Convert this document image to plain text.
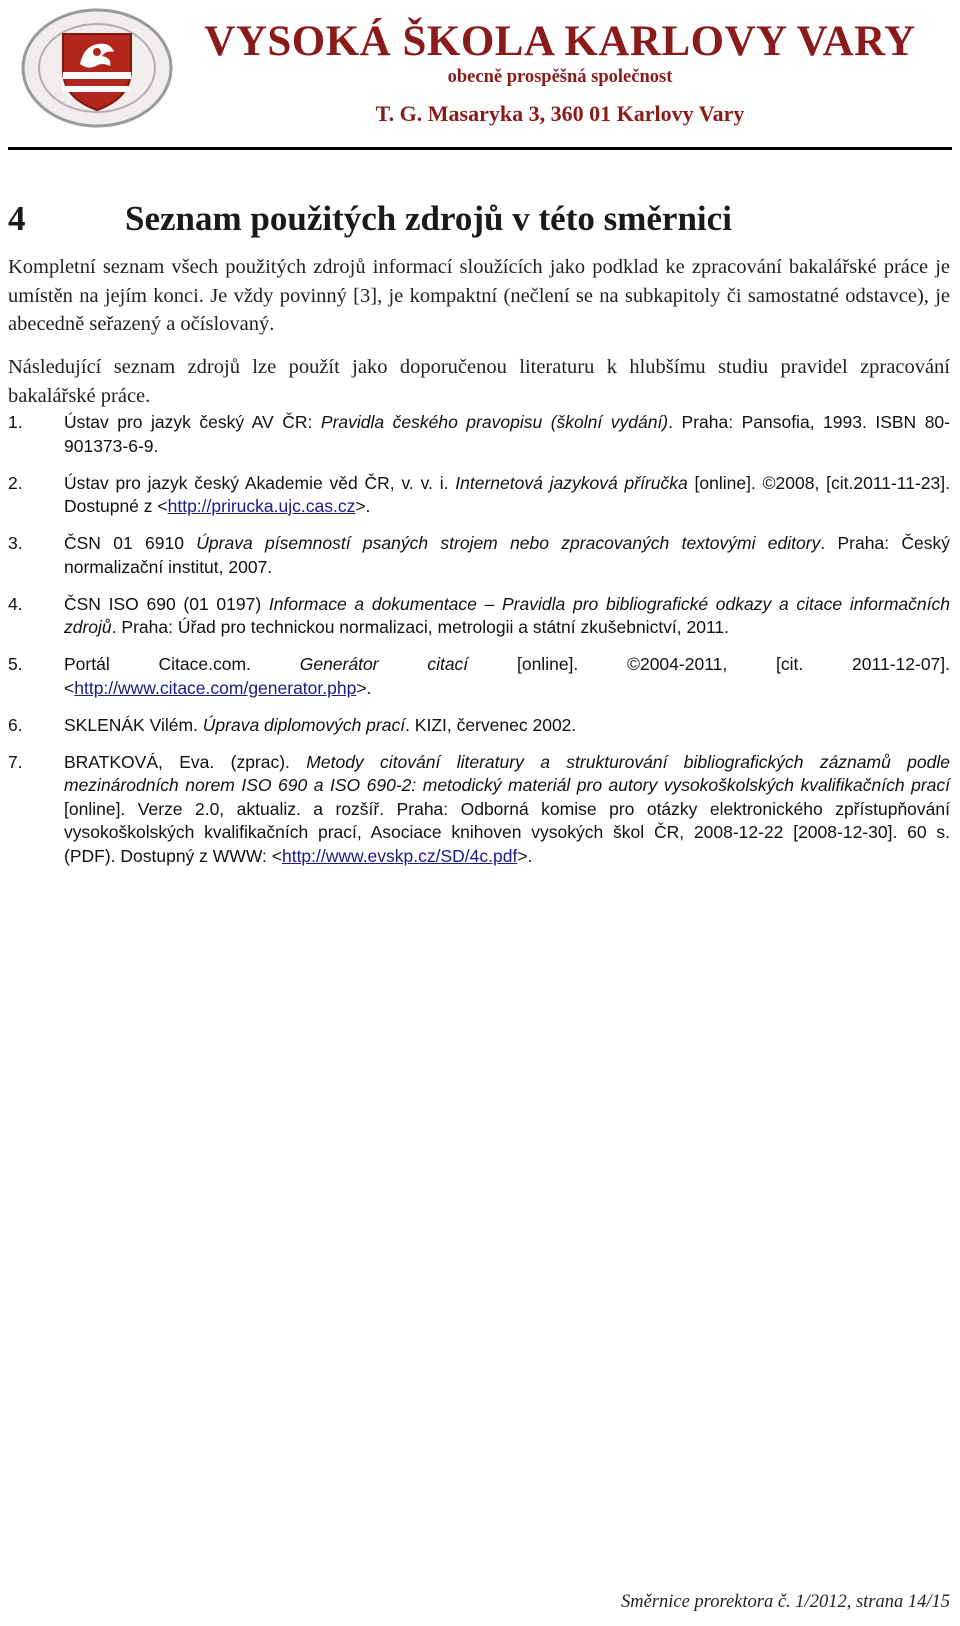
VYSOKÁ ŠKOLA KARLOVY VARY
obecně prospěšná společnost
T. G. Masaryka 3, 360 01 Karlovy Vary
4	Seznam použitých zdrojů v této směrnici
Kompletní seznam všech použitých zdrojů informací sloužících jako podklad ke zpracování bakalářské práce je umístěn na jejím konci. Je vždy povinný [3], je kompaktní (nečlení se na subkapitoly či samostatné odstavce), je abecedně seřazený a očíslovaný.
Následující seznam zdrojů lze použít jako doporučenou literaturu k hlubšímu studiu pravidel zpracování bakalářské práce.
1.	Ústav pro jazyk český AV ČR: Pravidla českého pravopisu (školní vydání). Praha: Pansofia, 1993. ISBN 80-901373-6-9.
2.	Ústav pro jazyk český Akademie věd ČR, v. v. i. Internetová jazyková příručka [online]. ©2008, [cit.2011-11-23]. Dostupné z <http://prirucka.ujc.cas.cz>.
3.	ČSN 01 6910 Úprava písemností psaných strojem nebo zpracovaných textovými editory. Praha: Český normalizační institut, 2007.
4.	ČSN ISO 690 (01 0197) Informace a dokumentace – Pravidla pro bibliografické odkazy a citace informačních zdrojů. Praha: Úřad pro technickou normalizaci, metrologii a státní zkušebnictví, 2011.
5.	Portál Citace.com. Generátor citací [online]. ©2004-2011, [cit. 2011-12-07]. <http://www.citace.com/generator.php>.
6.	SKLENÁK Vilém. Úprava diplomových prací. KIZI, červenec 2002.
7.	BRATKOVÁ, Eva. (zprac). Metody citování literatury a strukturování bibliografických záznamů podle mezinárodních norem ISO 690 a ISO 690-2: metodický materiál pro autory vysokoškolských kvalifikačních prací [online]. Verze 2.0, aktualiz. a rozšíř. Praha: Odborná komise pro otázky elektronického zpřístupňování vysokoškolských kvalifikačních prací, Asociace knihoven vysokých škol ČR, 2008-12-22 [2008-12-30]. 60 s. (PDF). Dostupný z WWW: <http://www.evskp.cz/SD/4c.pdf>.
Směrnice prorektora č. 1/2012, strana 14/15
